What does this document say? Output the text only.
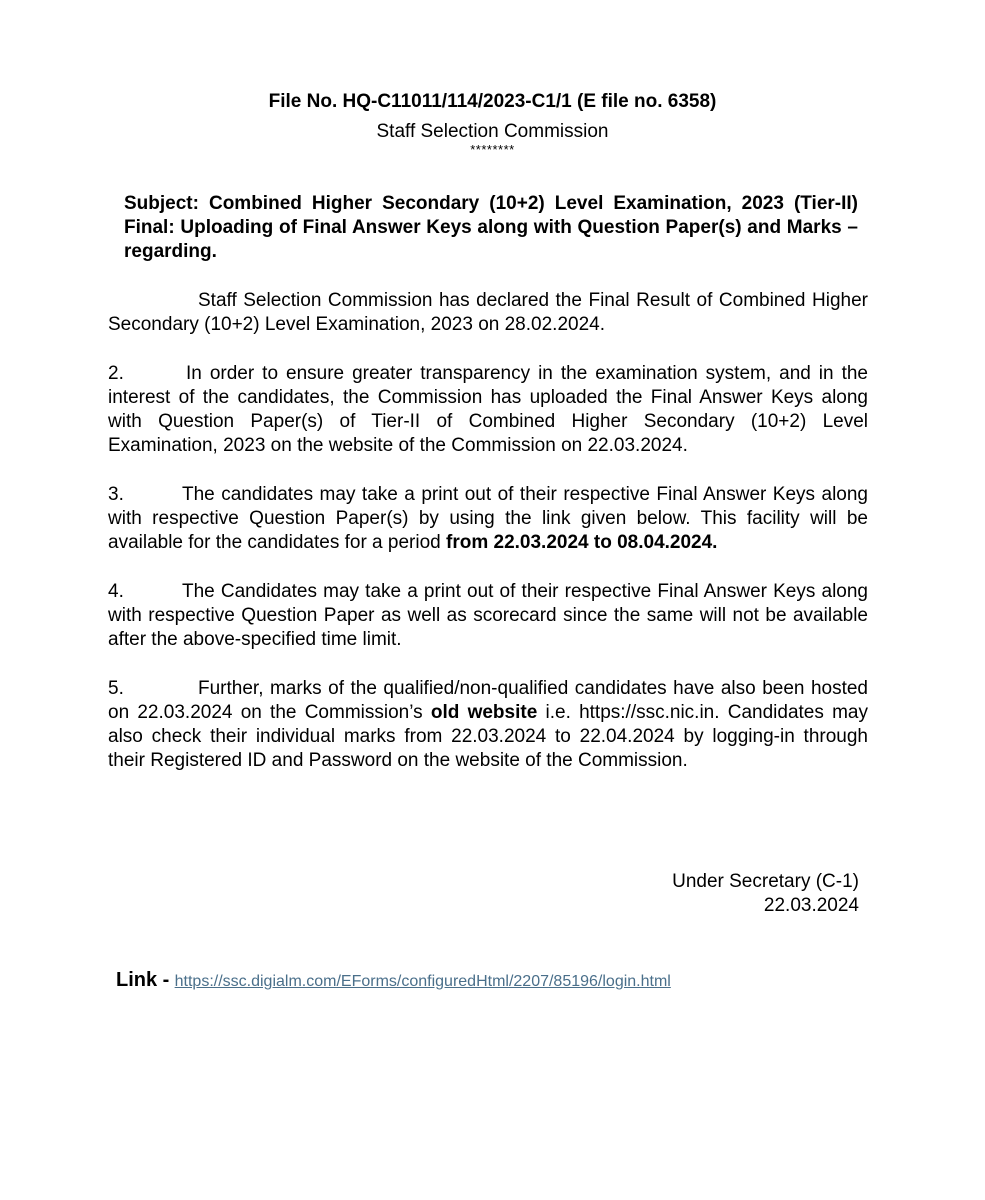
File No. HQ-C11011/114/2023-C1/1 (E file no. 6358)
Staff Selection Commission
********
Subject: Combined Higher Secondary (10+2) Level Examination, 2023 (Tier-II) Final: Uploading of Final Answer Keys along with Question Paper(s) and Marks – regarding.

Staff Selection Commission has declared the Final Result of Combined Higher Secondary (10+2) Level Examination, 2023 on 28.02.2024.

2.	In order to ensure greater transparency in the examination system, and in the interest of the candidates, the Commission has uploaded the Final Answer Keys along with Question Paper(s) of Tier-II of Combined Higher Secondary (10+2) Level Examination, 2023 on the website of the Commission on 22.03.2024.

3.	The candidates may take a print out of their respective Final Answer Keys along with respective Question Paper(s) by using the link given below. This facility will be available for the candidates for a period from 22.03.2024 to 08.04.2024.

4.	The Candidates may take a print out of their respective Final Answer Keys along with respective Question Paper as well as scorecard since the same will not be available after the above-specified time limit.

5.	Further, marks of the qualified/non-qualified candidates have also been hosted on 22.03.2024 on the Commission’s old website i.e. https://ssc.nic.in. Candidates may also check their individual marks from 22.03.2024 to 22.04.2024 by logging-in through their Registered ID and Password on the website of the Commission.

Under Secretary (C-1)
22.03.2024
Link - https://ssc.digialm.com/EForms/configuredHtml/2207/85196/login.html
